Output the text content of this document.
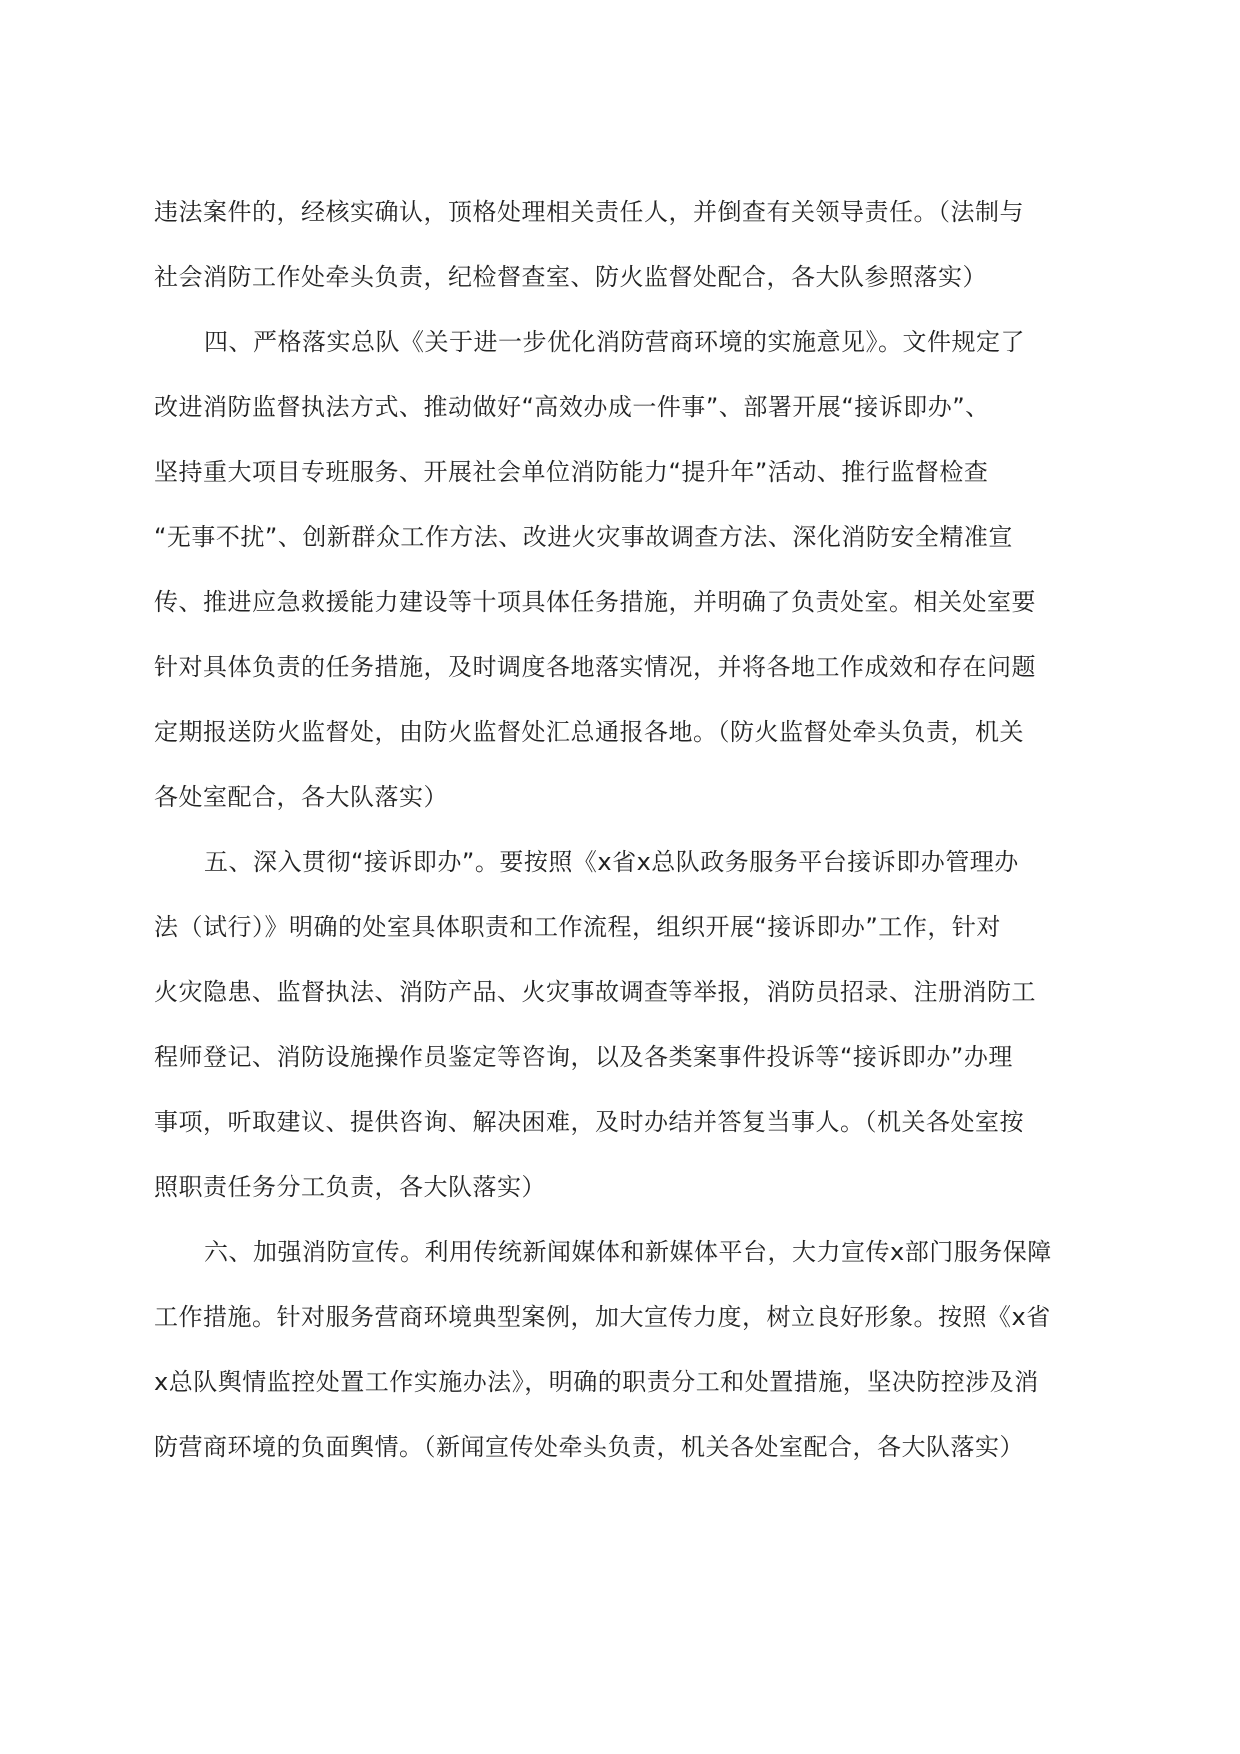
违法案件的，经核实确认，顶格处理相关责任人，并倒查有关领导责任。（法制与
社会消防工作处牵头负责，纪检督查室、防火监督处配合，各大队参照落实）
四、严格落实总队《关于进一步优化消防营商环境的实施意见》。文件规定了
改进消防监督执法方式、推动做好“高效办成一件事”、部署开展“接诉即办”、
坚持重大项目专班服务、开展社会单位消防能力“提升年”活动、推行监督检查
“无事不扰”、创新群众工作方法、改进火灾事故调查方法、深化消防安全精准宣
传、推进应急救援能力建设等十项具体任务措施，并明确了负责处室。相关处室要
针对具体负责的任务措施，及时调度各地落实情况，并将各地工作成效和存在问题
定期报送防火监督处，由防火监督处汇总通报各地。（防火监督处牵头负责，机关
各处室配合，各大队落实）
五、深入贯彻“接诉即办”。要按照《x省x总队政务服务平台接诉即办管理办
法（试行）》明确的处室具体职责和工作流程，组织开展“接诉即办”工作，针对
火灾隐患、监督执法、消防产品、火灾事故调查等举报，消防员招录、注册消防工
程师登记、消防设施操作员鉴定等咨询，以及各类案事件投诉等“接诉即办”办理
事项，听取建议、提供咨询、解决困难，及时办结并答复当事人。（机关各处室按
照职责任务分工负责，各大队落实）
六、加强消防宣传。利用传统新闻媒体和新媒体平台，大力宣传x部门服务保障
工作措施。针对服务营商环境典型案例，加大宣传力度，树立良好形象。按照《x省
x总队舆情监控处置工作实施办法》，明确的职责分工和处置措施，坚决防控涉及消
防营商环境的负面舆情。（新闻宣传处牵头负责，机关各处室配合，各大队落实）
